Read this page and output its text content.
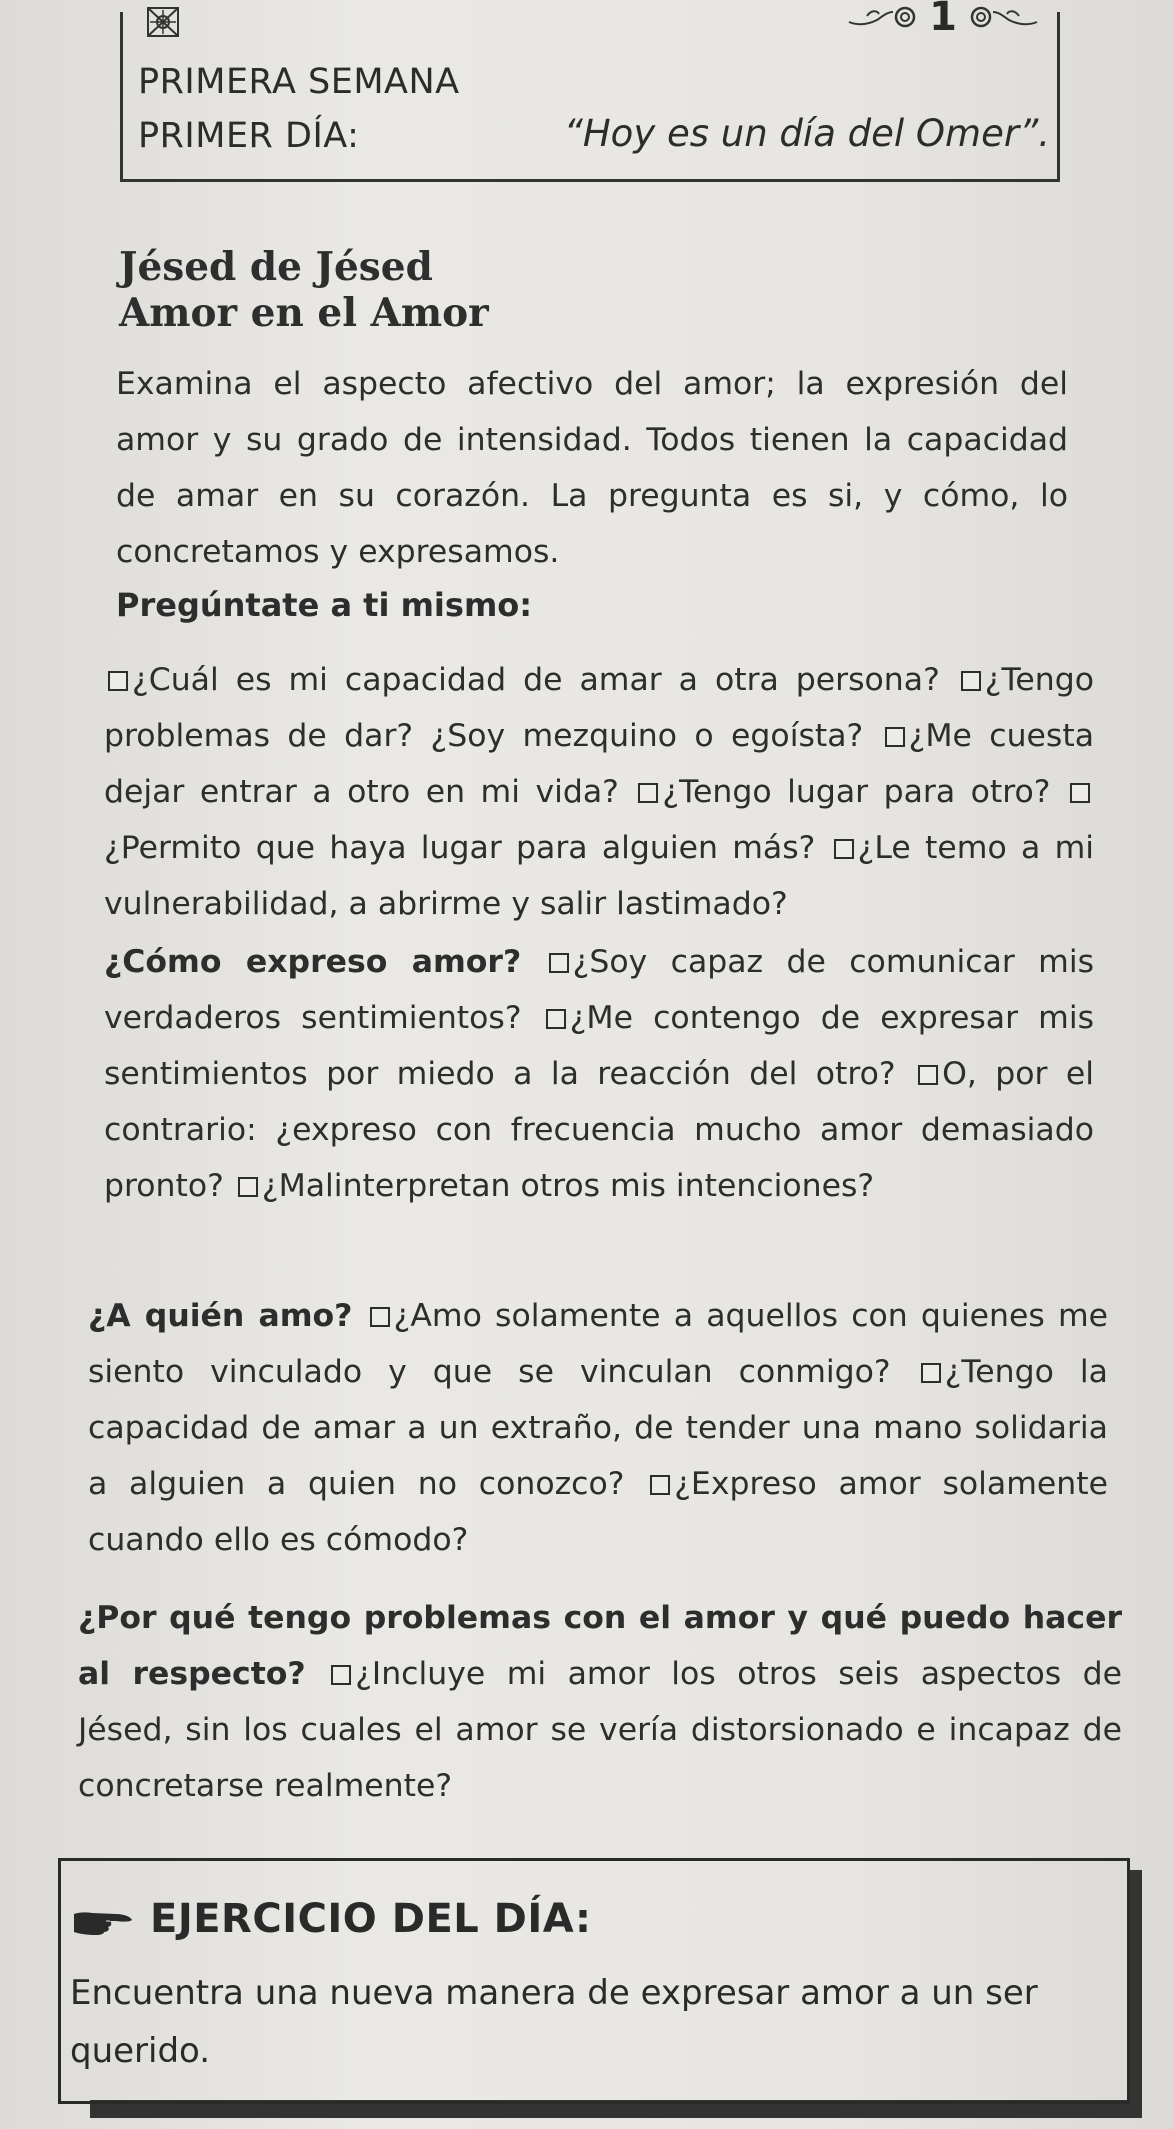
1
PRIMERA SEMANA
PRIMER DÍA:	“Hoy es un día del Omer”.
Jésed de Jésed
Amor en el Amor

Examina el aspecto afectivo del amor; la expresión del amor y su grado de intensidad. Todos tienen la capacidad de amar en su corazón. La pregunta es si, y cómo, lo concretamos y expresamos.

Pregúntate a ti mismo:

¿Cuál es mi capacidad de amar a otra persona? ¿Tengo problemas de dar? ¿Soy mezquino o egoísta? ¿Me cuesta dejar entrar a otro en mi vida? ¿Tengo lugar para otro? ¿Permito que haya lugar para alguien más? ¿Le temo a mi vulnerabilidad, a abrirme y salir lastimado?

¿Cómo expreso amor? ¿Soy capaz de comunicar mis verdaderos sentimientos? ¿Me contengo de expresar mis sentimientos por miedo a la reacción del otro? O, por el contrario: ¿expreso con frecuencia mucho amor demasiado pronto? ¿Malinterpretan otros mis intenciones?

¿A quién amo? ¿Amo solamente a aquellos con quienes me siento vinculado y que se vinculan conmigo? ¿Tengo la capacidad de amar a un extraño, de tender una mano solidaria a alguien a quien no conozco? ¿Expreso amor solamente cuando ello es cómodo?

¿Por qué tengo problemas con el amor y qué puedo hacer al respecto? ¿Incluye mi amor los otros seis aspectos de Jésed, sin los cuales el amor se vería distorsionado e incapaz de concretarse realmente?

EJERCICIO DEL DÍA:

Encuentra una nueva manera de expresar amor a un ser querido.
